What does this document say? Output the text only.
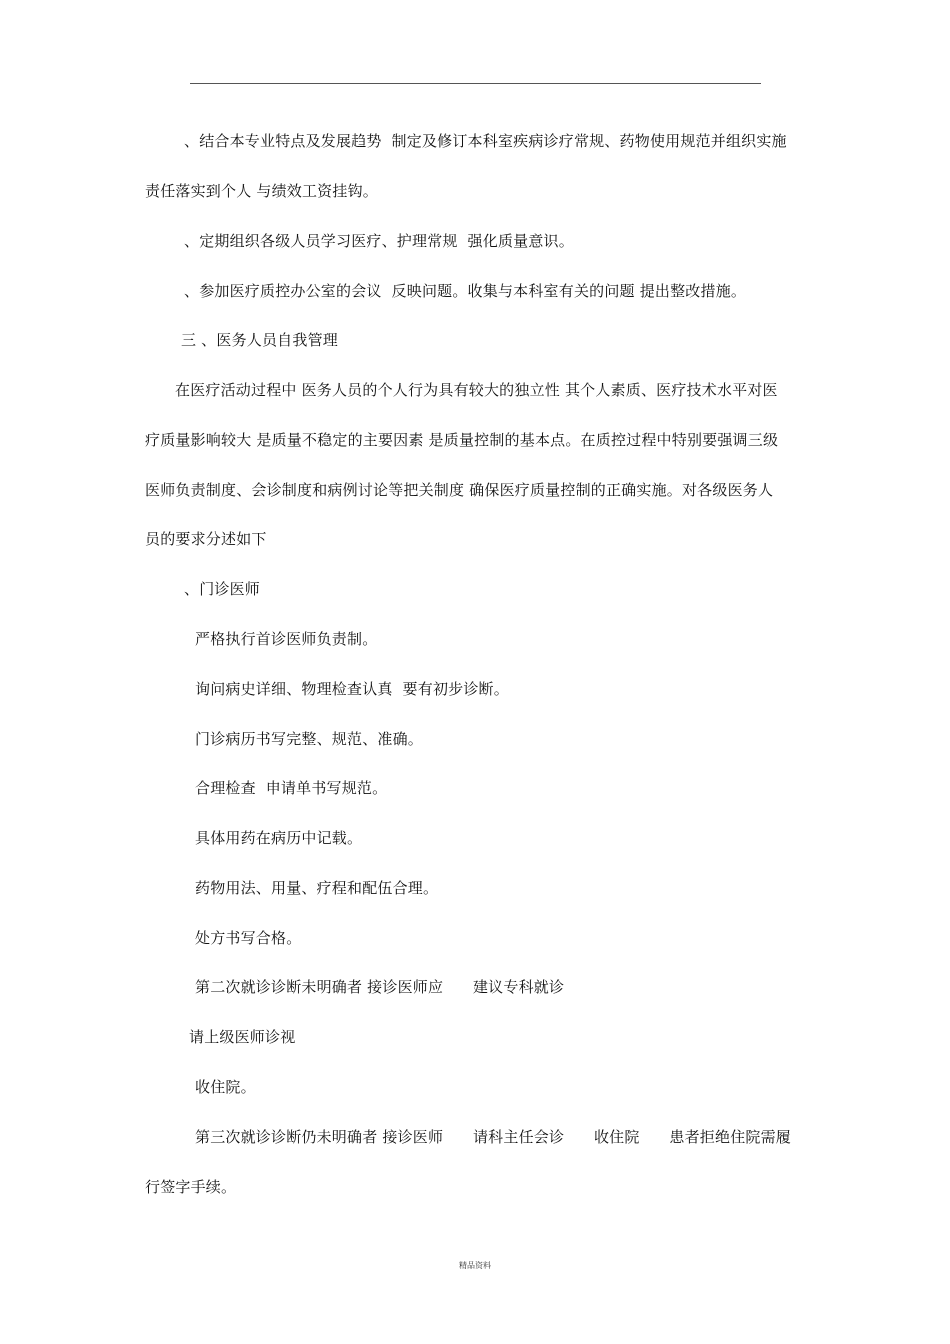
、结合本专业特点及发展趋势  制定及修订本科室疾病诊疗常规、药物使用规范并组织实施
责任落实到个人 与绩效工资挂钩。
、定期组织各级人员学习医疗、护理常规  强化质量意识。
、参加医疗质控办公室的会议  反映问题。收集与本科室有关的问题 提出整改措施。
三 、医务人员自我管理
在医疗活动过程中 医务人员的个人行为具有较大的独立性 其个人素质、医疗技术水平对医
疗质量影响较大 是质量不稳定的主要因素 是质量控制的基本点。在质控过程中特别要强调三级
医师负责制度、会诊制度和病例讨论等把关制度 确保医疗质量控制的正确实施。对各级医务人
员的要求分述如下
、门诊医师
严格执行首诊医师负责制。
询问病史详细、物理检查认真  要有初步诊断。
门诊病历书写完整、规范、准确。
合理检查  申请单书写规范。
具体用药在病历中记载。
药物用法、用量、疗程和配伍合理。
处方书写合格。
第二次就诊诊断未明确者 接诊医师应      建议专科就诊
请上级医师诊视
收住院。
第三次就诊诊断仍未明确者 接诊医师      请科主任会诊      收住院      患者拒绝住院需履
行签字手续。
精品资料
